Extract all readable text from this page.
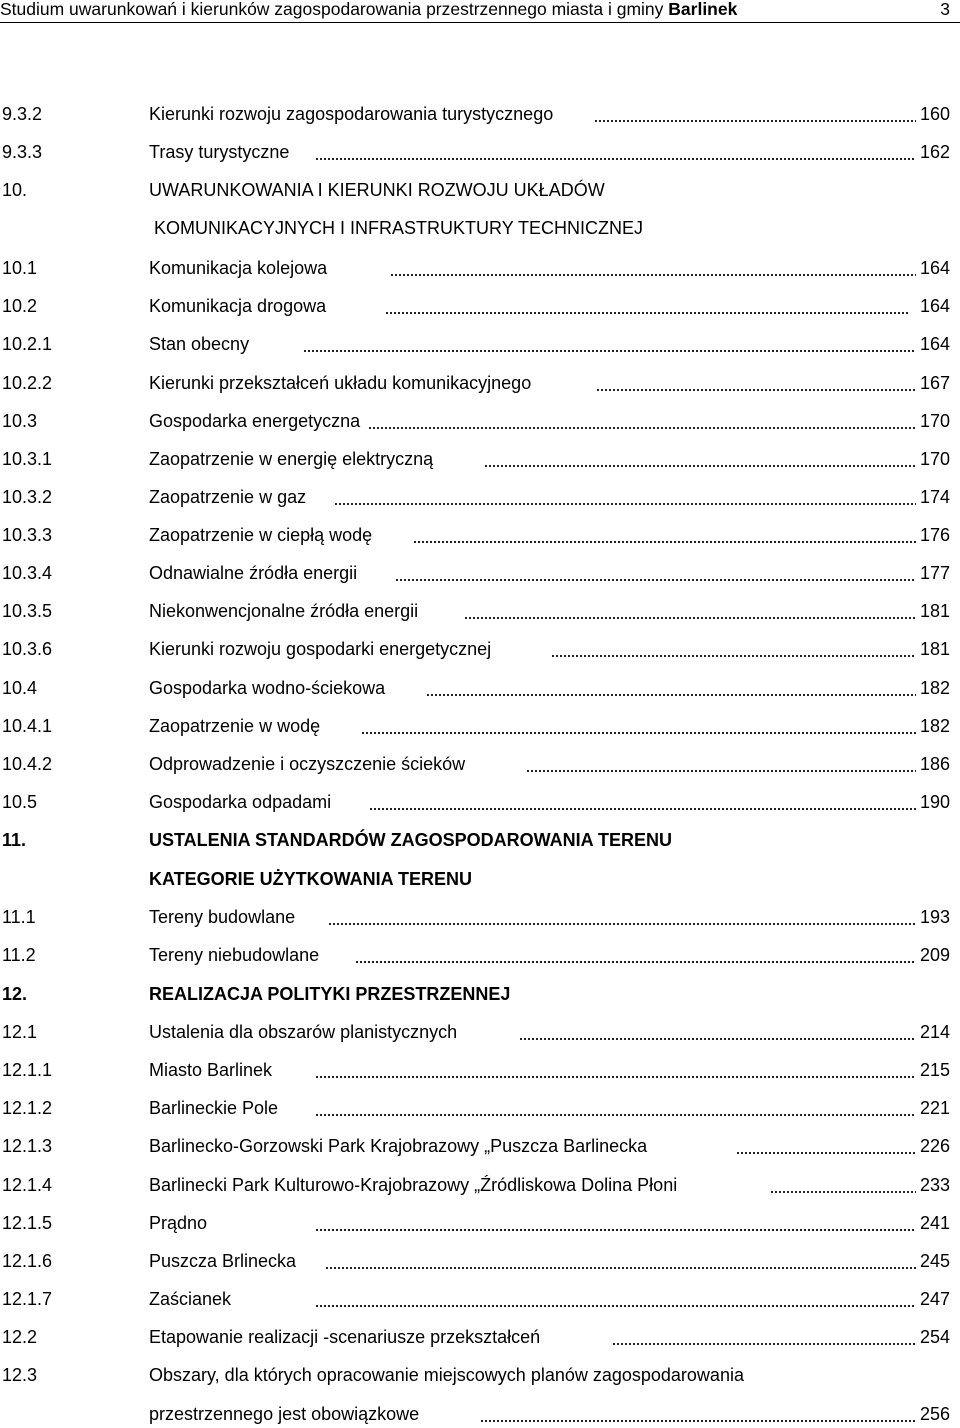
Studium uwarunkowań i kierunków zagospodarowania przestrzennego miasta i gminy Barlinek	3
9.3.2	Kierunki rozwoju zagospodarowania turystycznego	160
9.3.3	Trasy turystyczne	162
10.	UWARUNKOWANIA I KIERUNKI ROZWOJU UKŁADÓW
KOMUNIKACYJNYCH I INFRASTRUKTURY TECHNICZNEJ
10.1	Komunikacja kolejowa	164
10.2	Komunikacja drogowa	164
10.2.1	Stan obecny	164
10.2.2	Kierunki przekształceń układu komunikacyjnego	167
10.3	Gospodarka energetyczna	170
10.3.1	Zaopatrzenie w energię elektryczną	170
10.3.2	Zaopatrzenie w gaz	174
10.3.3	Zaopatrzenie w ciepłą wodę	176
10.3.4	Odnawialne źródła energii	177
10.3.5	Niekonwencjonalne źródła energii	181
10.3.6	Kierunki rozwoju gospodarki energetycznej	181
10.4	Gospodarka wodno-ściekowa	182
10.4.1	Zaopatrzenie w wodę	182
10.4.2	Odprowadzenie i oczyszczenie ścieków	186
10.5	Gospodarka odpadami	190
11.	USTALENIA STANDARDÓW ZAGOSPODAROWANIA TERENU
KATEGORIE UŻYTKOWANIA TERENU
11.1	Tereny budowlane	193
11.2	Tereny niebudowlane	209
12.	REALIZACJA POLITYKI PRZESTRZENNEJ
12.1	Ustalenia dla obszarów planistycznych	214
12.1.1	Miasto Barlinek	215
12.1.2	Barlineckie Pole	221
12.1.3	Barlinecko-Gorzowski Park Krajobrazowy „Puszcza Barlinecka	226
12.1.4	Barlinecki Park Kulturowo-Krajobrazowy „Źródliskowa Dolina Płoni	233
12.1.5	Prądno	241
12.1.6	Puszcza Brlinecka	245
12.1.7	Zaścianek	247
12.2	Etapowanie realizacji -scenariusze przekształceń	254
12.3	Obszary, dla których opracowanie miejscowych planów zagospodarowania
przestrzennego jest obowiązkowe	256
